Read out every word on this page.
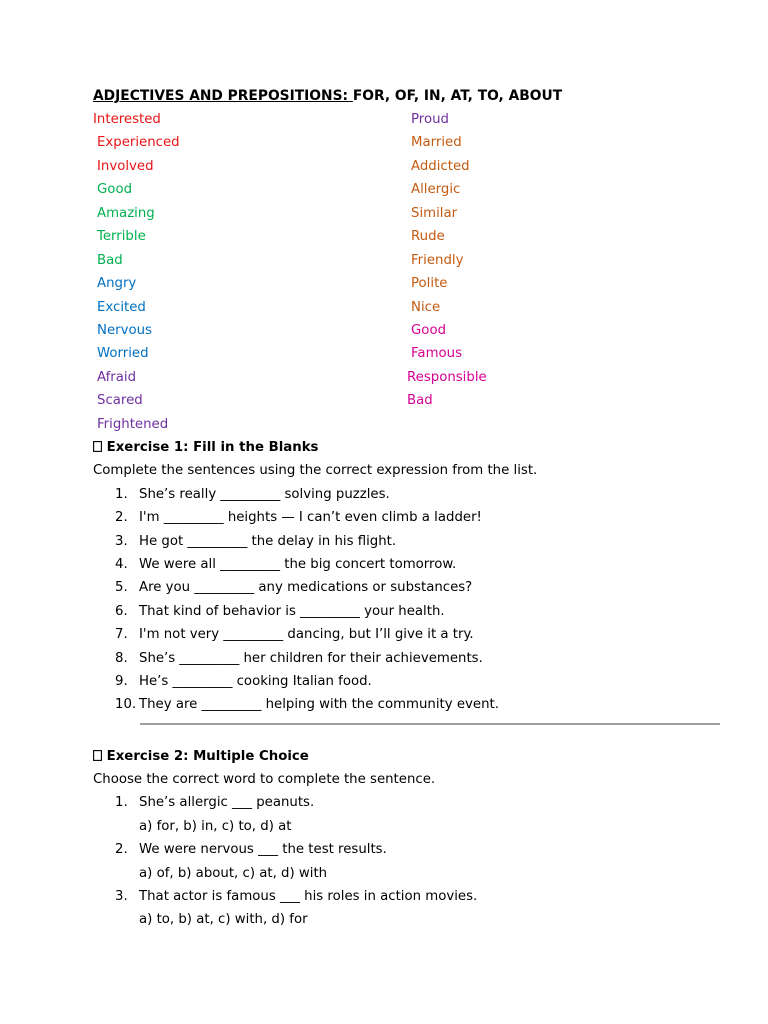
ADJECTIVES AND PREPOSITIONS: FOR, OF, IN, AT, TO, ABOUT
Interested
Experienced
Involved
Good
Amazing
Terrible
Bad
Angry
Excited
Nervous
Worried
Afraid
Scared
Frightened
Proud
Married
Addicted
Allergic
Similar
Rude
Friendly
Polite
Nice
Good
Famous
Responsible
Bad
Exercise 1: Fill in the Blanks
Complete the sentences using the correct expression from the list.
1. She’s really _________ solving puzzles.
2. I'm _________ heights — I can’t even climb a ladder!
3. He got _________ the delay in his flight.
4. We were all _________ the big concert tomorrow.
5. Are you _________ any medications or substances?
6. That kind of behavior is _________ your health.
7. I'm not very _________ dancing, but I’ll give it a try.
8. She’s _________ her children for their achievements.
9. He’s _________ cooking Italian food.
10. They are _________ helping with the community event.
Exercise 2: Multiple Choice
Choose the correct word to complete the sentence.
1. She’s allergic ___ peanuts.
a) for, b) in, c) to, d) at
2. We were nervous ___ the test results.
a) of, b) about, c) at, d) with
3. That actor is famous ___ his roles in action movies.
a) to, b) at, c) with, d) for
